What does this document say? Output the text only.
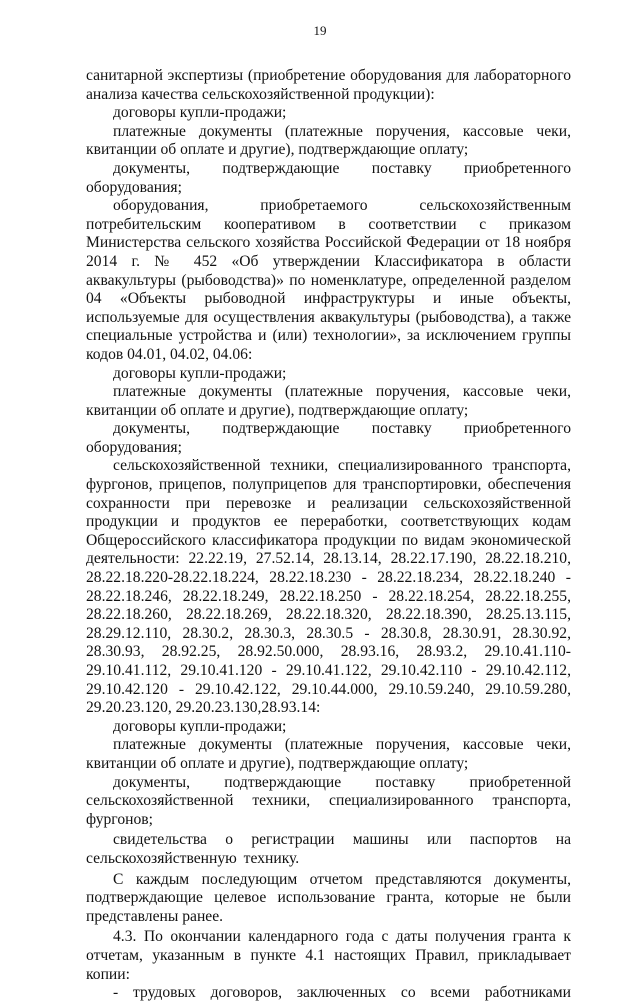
19

санитарной экспертизы (приобретение оборудования для лабораторного анализа качества сельскохозяйственной продукции):

договоры купли-продажи;

платежные документы (платежные поручения, кассовые чеки, квитанции об оплате и другие), подтверждающие оплату;

документы, подтверждающие поставку приобретенного оборудования;

оборудования, приобретаемого сельскохозяйственным потребительским кооперативом в соответствии с приказом Министерства сельского хозяйства Российской Федерации от 18 ноября 2014 г. № 452 «Об утверждении Классификатора в области аквакультуры (рыбоводства)» по номенклатуре, определенной разделом 04 «Объекты рыбоводной инфраструктуры и иные объекты, используемые для осуществления аквакультуры (рыбоводства), а также специальные устройства и (или) технологии», за исключением группы кодов 04.01, 04.02, 04.06:

договоры купли-продажи;

платежные документы (платежные поручения, кассовые чеки, квитанции об оплате и другие), подтверждающие оплату;

документы, подтверждающие поставку приобретенного оборудования;

сельскохозяйственной техники, специализированного транспорта, фургонов, прицепов, полуприцепов для транспортировки, обеспечения сохранности при перевозке и реализации сельскохозяйственной продукции и продуктов ее переработки, соответствующих кодам Общероссийского классификатора продукции по видам экономической деятельности: 22.22.19, 27.52.14, 28.13.14, 28.22.17.190, 28.22.18.210, 28.22.18.220-28.22.18.224, 28.22.18.230 - 28.22.18.234, 28.22.18.240 - 28.22.18.246, 28.22.18.249, 28.22.18.250 - 28.22.18.254, 28.22.18.255, 28.22.18.260, 28.22.18.269, 28.22.18.320, 28.22.18.390, 28.25.13.115, 28.29.12.110, 28.30.2, 28.30.3, 28.30.5 - 28.30.8, 28.30.91, 28.30.92, 28.30.93, 28.92.25, 28.92.50.000, 28.93.16, 28.93.2, 29.10.41.110-29.10.41.112, 29.10.41.120 - 29.10.41.122, 29.10.42.110 - 29.10.42.112, 29.10.42.120 - 29.10.42.122, 29.10.44.000, 29.10.59.240, 29.10.59.280, 29.20.23.120, 29.20.23.130,28.93.14:

договоры купли-продажи;

платежные документы (платежные поручения, кассовые чеки, квитанции об оплате и другие), подтверждающие оплату;

документы, подтверждающие поставку приобретенной сельскохозяйственной техники, специализированного транспорта, фургонов;

свидетельства о регистрации машины или паспортов на сельскохозяйственную технику.

С каждым последующим отчетом представляются документы, подтверждающие целевое использование гранта, которые не были представлены ранее.

4.3. По окончании календарного года с даты получения гранта к отчетам, указанным в пункте 4.1 настоящих Правил, прикладывает копии:

- трудовых договоров, заключенных со всеми работниками
